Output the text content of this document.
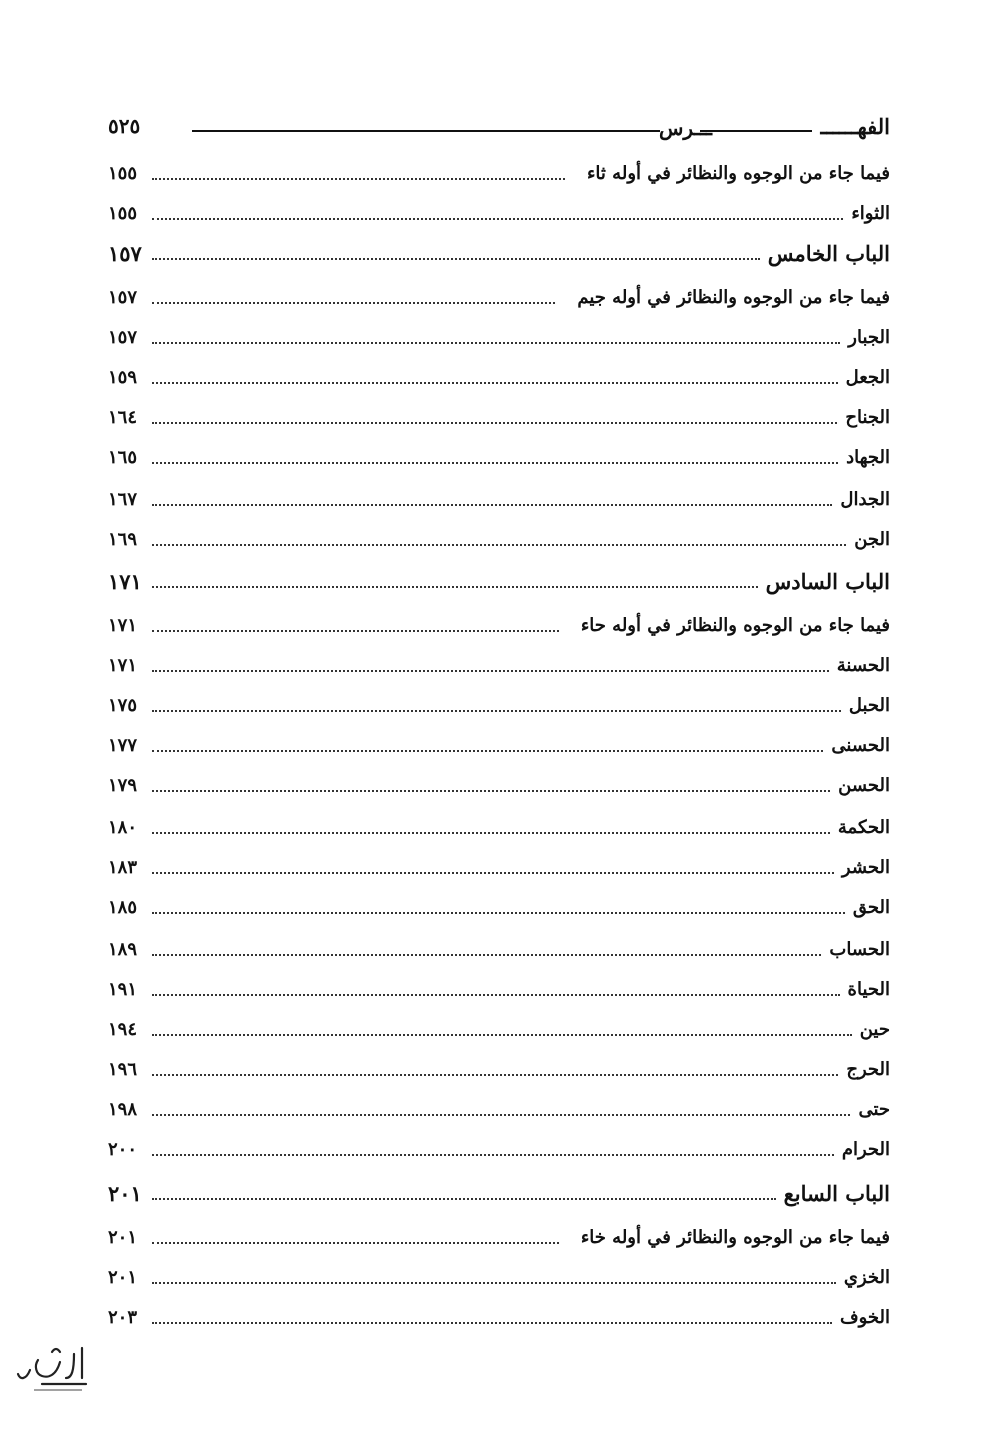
الفهــــــ
ـــرس
٥٢٥
فيما جاء من الوجوه والنظائر في أوله ثاء
١٥٥
الثواء
١٥٥
الباب الخامس
١٥٧
فيما جاء من الوجوه والنظائر في أوله جيم
١٥٧
الجبار
١٥٧
الجعل
١٥٩
الجناح
١٦٤
الجهاد
١٦٥
الجدال
١٦٧
الجن
١٦٩
الباب السادس
١٧١
فيما جاء من الوجوه والنظائر في أوله حاء
١٧١
الحسنة
١٧١
الحبل
١٧٥
الحسنى
١٧٧
الحسن
١٧٩
الحكمة
١٨٠
الحشر
١٨٣
الحق
١٨٥
الحساب
١٨٩
الحياة
١٩١
حين
١٩٤
الحرج
١٩٦
حتى
١٩٨
الحرام
٢٠٠
الباب السابع
٢٠١
فيما جاء من الوجوه والنظائر في أوله خاء
٢٠١
الخزي
٢٠١
الخوف
٢٠٣
